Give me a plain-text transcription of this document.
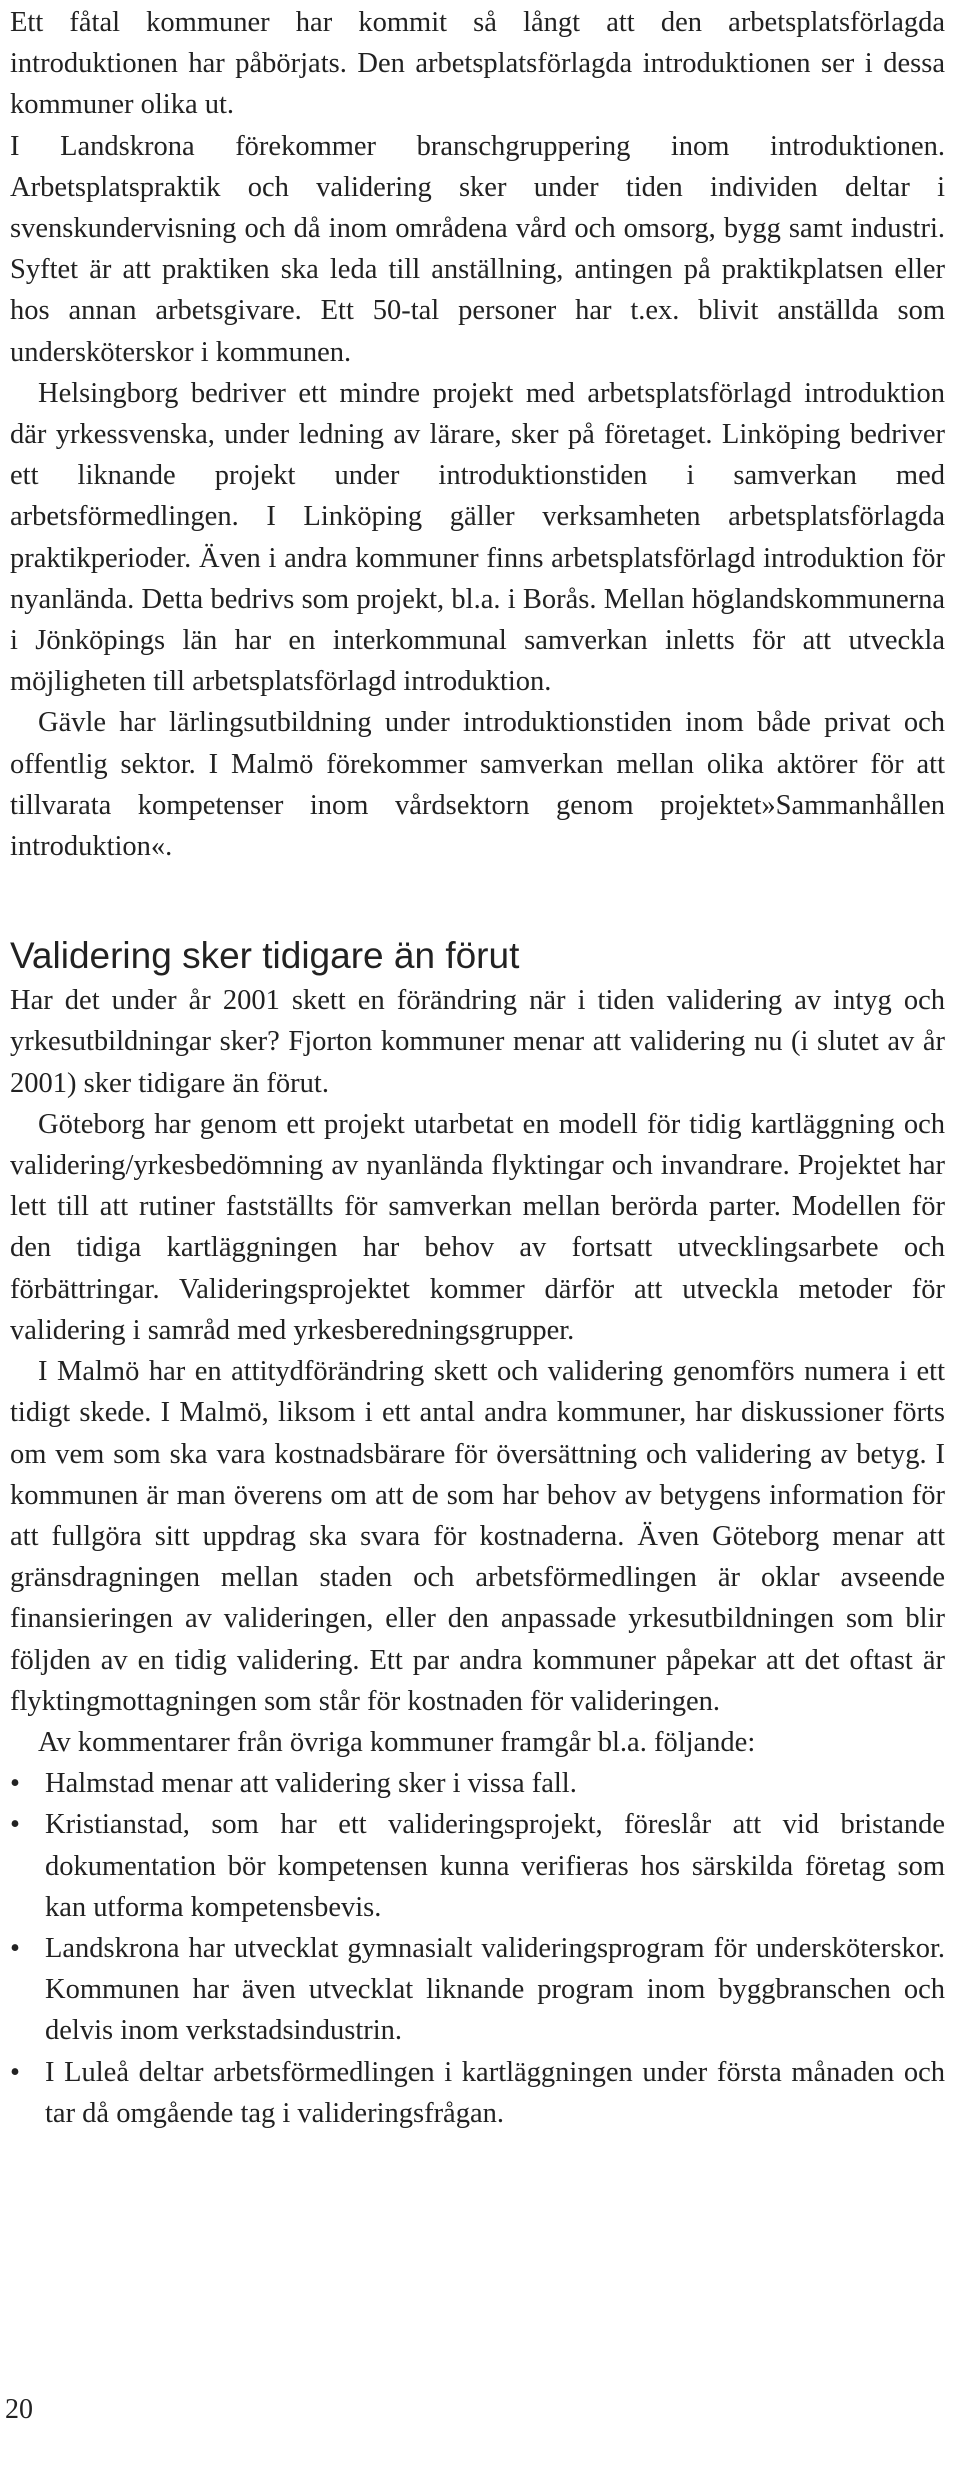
Ett fåtal kommuner har kommit så långt att den arbetsplatsförlagda introduktionen har påbörjats. Den arbetsplatsförlagda introduktionen ser i dessa kommuner olika ut.

I Landskrona förekommer branschgruppering inom introduktionen. Arbetsplatspraktik och validering sker under tiden individen deltar i svenskundervisning och då inom områdena vård och omsorg, bygg samt industri. Syftet är att praktiken ska leda till anställning, antingen på praktikplatsen eller hos annan arbetsgivare. Ett 50-tal personer har t.ex. blivit anställda som undersköterskor i kommunen.

Helsingborg bedriver ett mindre projekt med arbetsplatsförlagd introduktion där yrkessvenska, under ledning av lärare, sker på företaget. Linköping bedriver ett liknande projekt under introduktionstiden i samverkan med arbetsförmedlingen. I Linköping gäller verksamheten arbetsplatsförlagda praktikperioder. Även i andra kommuner finns arbetsplatsförlagd introduktion för nyanlända. Detta bedrivs som projekt, bl.a. i Borås. Mellan höglandskommunerna i Jönköpings län har en interkommunal samverkan inletts för att utveckla möjligheten till arbetsplatsförlagd introduktion.

Gävle har lärlingsutbildning under introduktionstiden inom både privat och offentlig sektor. I Malmö förekommer samverkan mellan olika aktörer för att tillvarata kompetenser inom vårdsektorn genom projektet»Sammanhållen introduktion«.

Validering sker tidigare än förut

Har det under år 2001 skett en förändring när i tiden validering av intyg och yrkesutbildningar sker? Fjorton kommuner menar att validering nu (i slutet av år 2001) sker tidigare än förut.

Göteborg har genom ett projekt utarbetat en modell för tidig kartläggning och validering/yrkesbedömning av nyanlända flyktingar och invandrare. Projektet har lett till att rutiner fastställts för samverkan mellan berörda parter. Modellen för den tidiga kartläggningen har behov av fortsatt utvecklingsarbete och förbättringar. Valideringsprojektet kommer därför att utveckla metoder för validering i samråd med yrkesberedningsgrupper.

I Malmö har en attitydförändring skett och validering genomförs numera i ett tidigt skede. I Malmö, liksom i ett antal andra kommuner, har diskussioner förts om vem som ska vara kostnadsbärare för översättning och validering av betyg. I kommunen är man överens om att de som har behov av betygens information för att fullgöra sitt uppdrag ska svara för kostnaderna. Även Göteborg menar att gränsdragningen mellan staden och arbetsförmedlingen är oklar avseende finansieringen av valideringen, eller den anpassade yrkesutbildningen som blir följden av en tidig validering. Ett par andra kommuner påpekar att det oftast är flyktingmottagningen som står för kostnaden för valideringen.

Av kommentarer från övriga kommuner framgår bl.a. följande:

• Halmstad menar att validering sker i vissa fall.
• Kristianstad, som har ett valideringsprojekt, föreslår att vid bristande dokumentation bör kompetensen kunna verifieras hos särskilda företag som kan utforma kompetensbevis.
• Landskrona har utvecklat gymnasialt valideringsprogram för undersköterskor. Kommunen har även utvecklat liknande program inom byggbranschen och delvis inom verkstadsindustrin.
• I Luleå deltar arbetsförmedlingen i kartläggningen under första månaden och tar då omgående tag i valideringsfrågan.
20
